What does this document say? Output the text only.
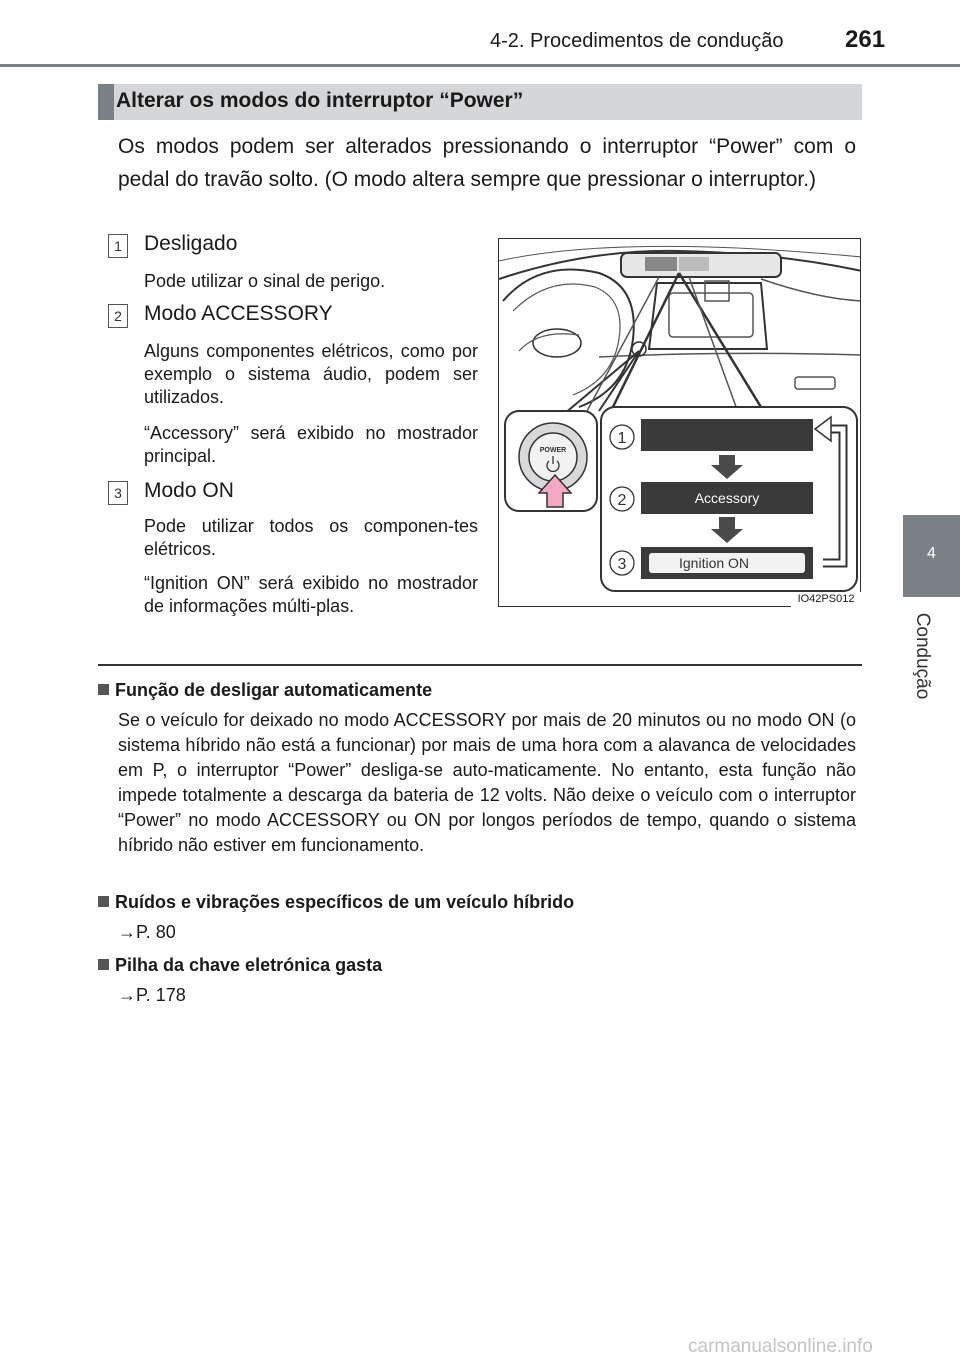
4-2. Procedimentos de condução	261
4
Condução
Alterar os modos do interruptor “Power”

Os modos podem ser alterados pressionando o interruptor “Power” com o pedal do travão solto. (O modo altera sempre que pressionar o interruptor.)

1 Desligado
Pode utilizar o sinal de perigo.
2 Modo ACCESSORY
Alguns componentes elétricos, como por exemplo o sistema áudio, podem ser utilizados.
“Accessory” será exibido no mostrador principal.
3 Modo ON
Pode utilizar todos os componen-tes elétricos.
“Ignition ON” será exibido no mostrador de informações múlti-plas.
POWER
Accessory
Ignition ON
1
2
3
IO42PS012
Função de desligar automaticamente

Se o veículo for deixado no modo ACCESSORY por mais de 20 minutos ou no modo ON (o sistema híbrido não está a funcionar) por mais de uma hora com a alavanca de velocidades em P, o interruptor “Power” desliga-se auto-maticamente. No entanto, esta função não impede totalmente a descarga da bateria de 12 volts. Não deixe o veículo com o interruptor “Power” no modo ACCESSORY ou ON por longos períodos de tempo, quando o sistema híbrido não estiver em funcionamento.

Ruídos e vibrações específicos de um veículo híbrido
→P. 80
Pilha da chave eletrónica gasta
→P. 178
carmanualsonline.info
